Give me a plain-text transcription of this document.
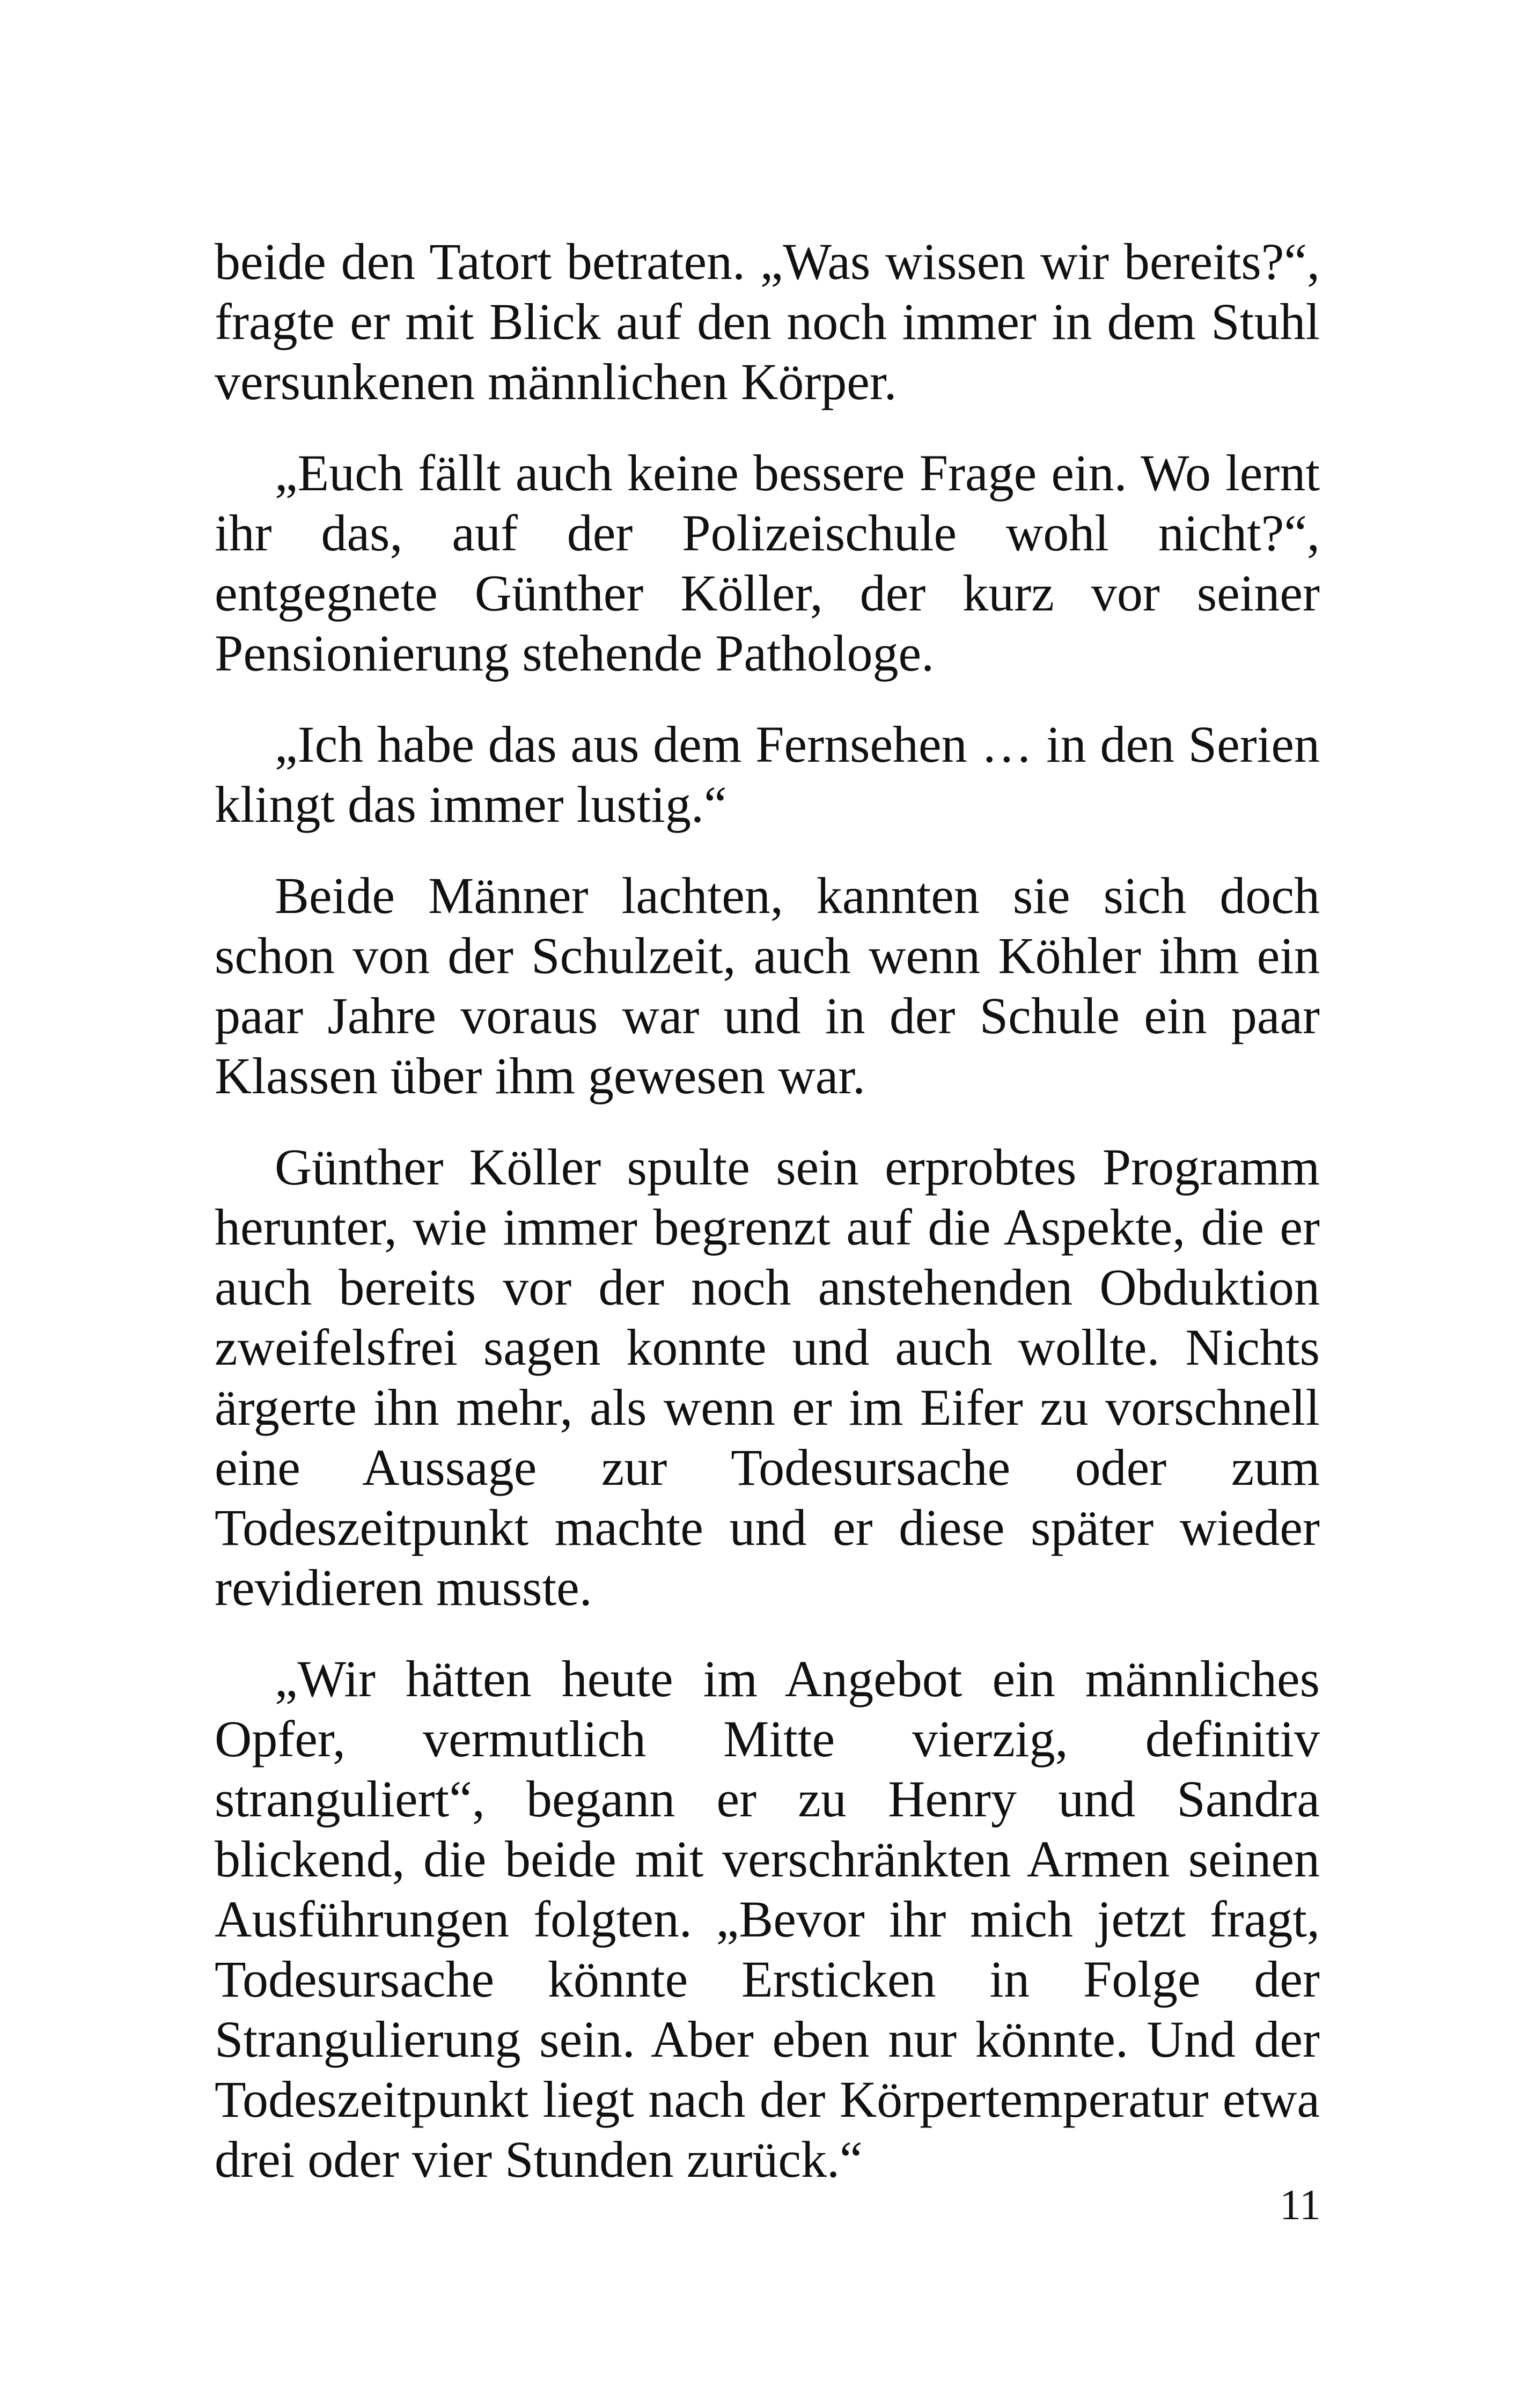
beide den Tatort betraten. „Was wissen wir bereits?“, fragte er mit Blick auf den noch immer in dem Stuhl versunkenen männlichen Körper.

„Euch fällt auch keine bessere Frage ein. Wo lernt ihr das, auf der Polizeischule wohl nicht?“, entgegnete Günther Köller, der kurz vor seiner Pensionierung stehende Pathologe.

„Ich habe das aus dem Fernsehen … in den Serien klingt das immer lustig.“

Beide Männer lachten, kannten sie sich doch schon von der Schulzeit, auch wenn Köhler ihm ein paar Jahre voraus war und in der Schule ein paar Klassen über ihm gewesen war.

Günther Köller spulte sein erprobtes Programm herunter, wie immer begrenzt auf die Aspekte, die er auch bereits vor der noch anstehenden Obduktion zweifelsfrei sagen konnte und auch wollte. Nichts ärgerte ihn mehr, als wenn er im Eifer zu vorschnell eine Aussage zur Todesursache oder zum Todeszeitpunkt machte und er diese später wieder revidieren musste.

„Wir hätten heute im Angebot ein männliches Opfer, vermutlich Mitte vierzig, definitiv stranguliert“, begann er zu Henry und Sandra blickend, die beide mit verschränkten Armen seinen Ausführungen folgten. „Bevor ihr mich jetzt fragt, Todesursache könnte Ersticken in Folge der Strangulierung sein. Aber eben nur könnte. Und der Todeszeitpunkt liegt nach der Körpertemperatur etwa drei oder vier Stunden zurück.“

11
